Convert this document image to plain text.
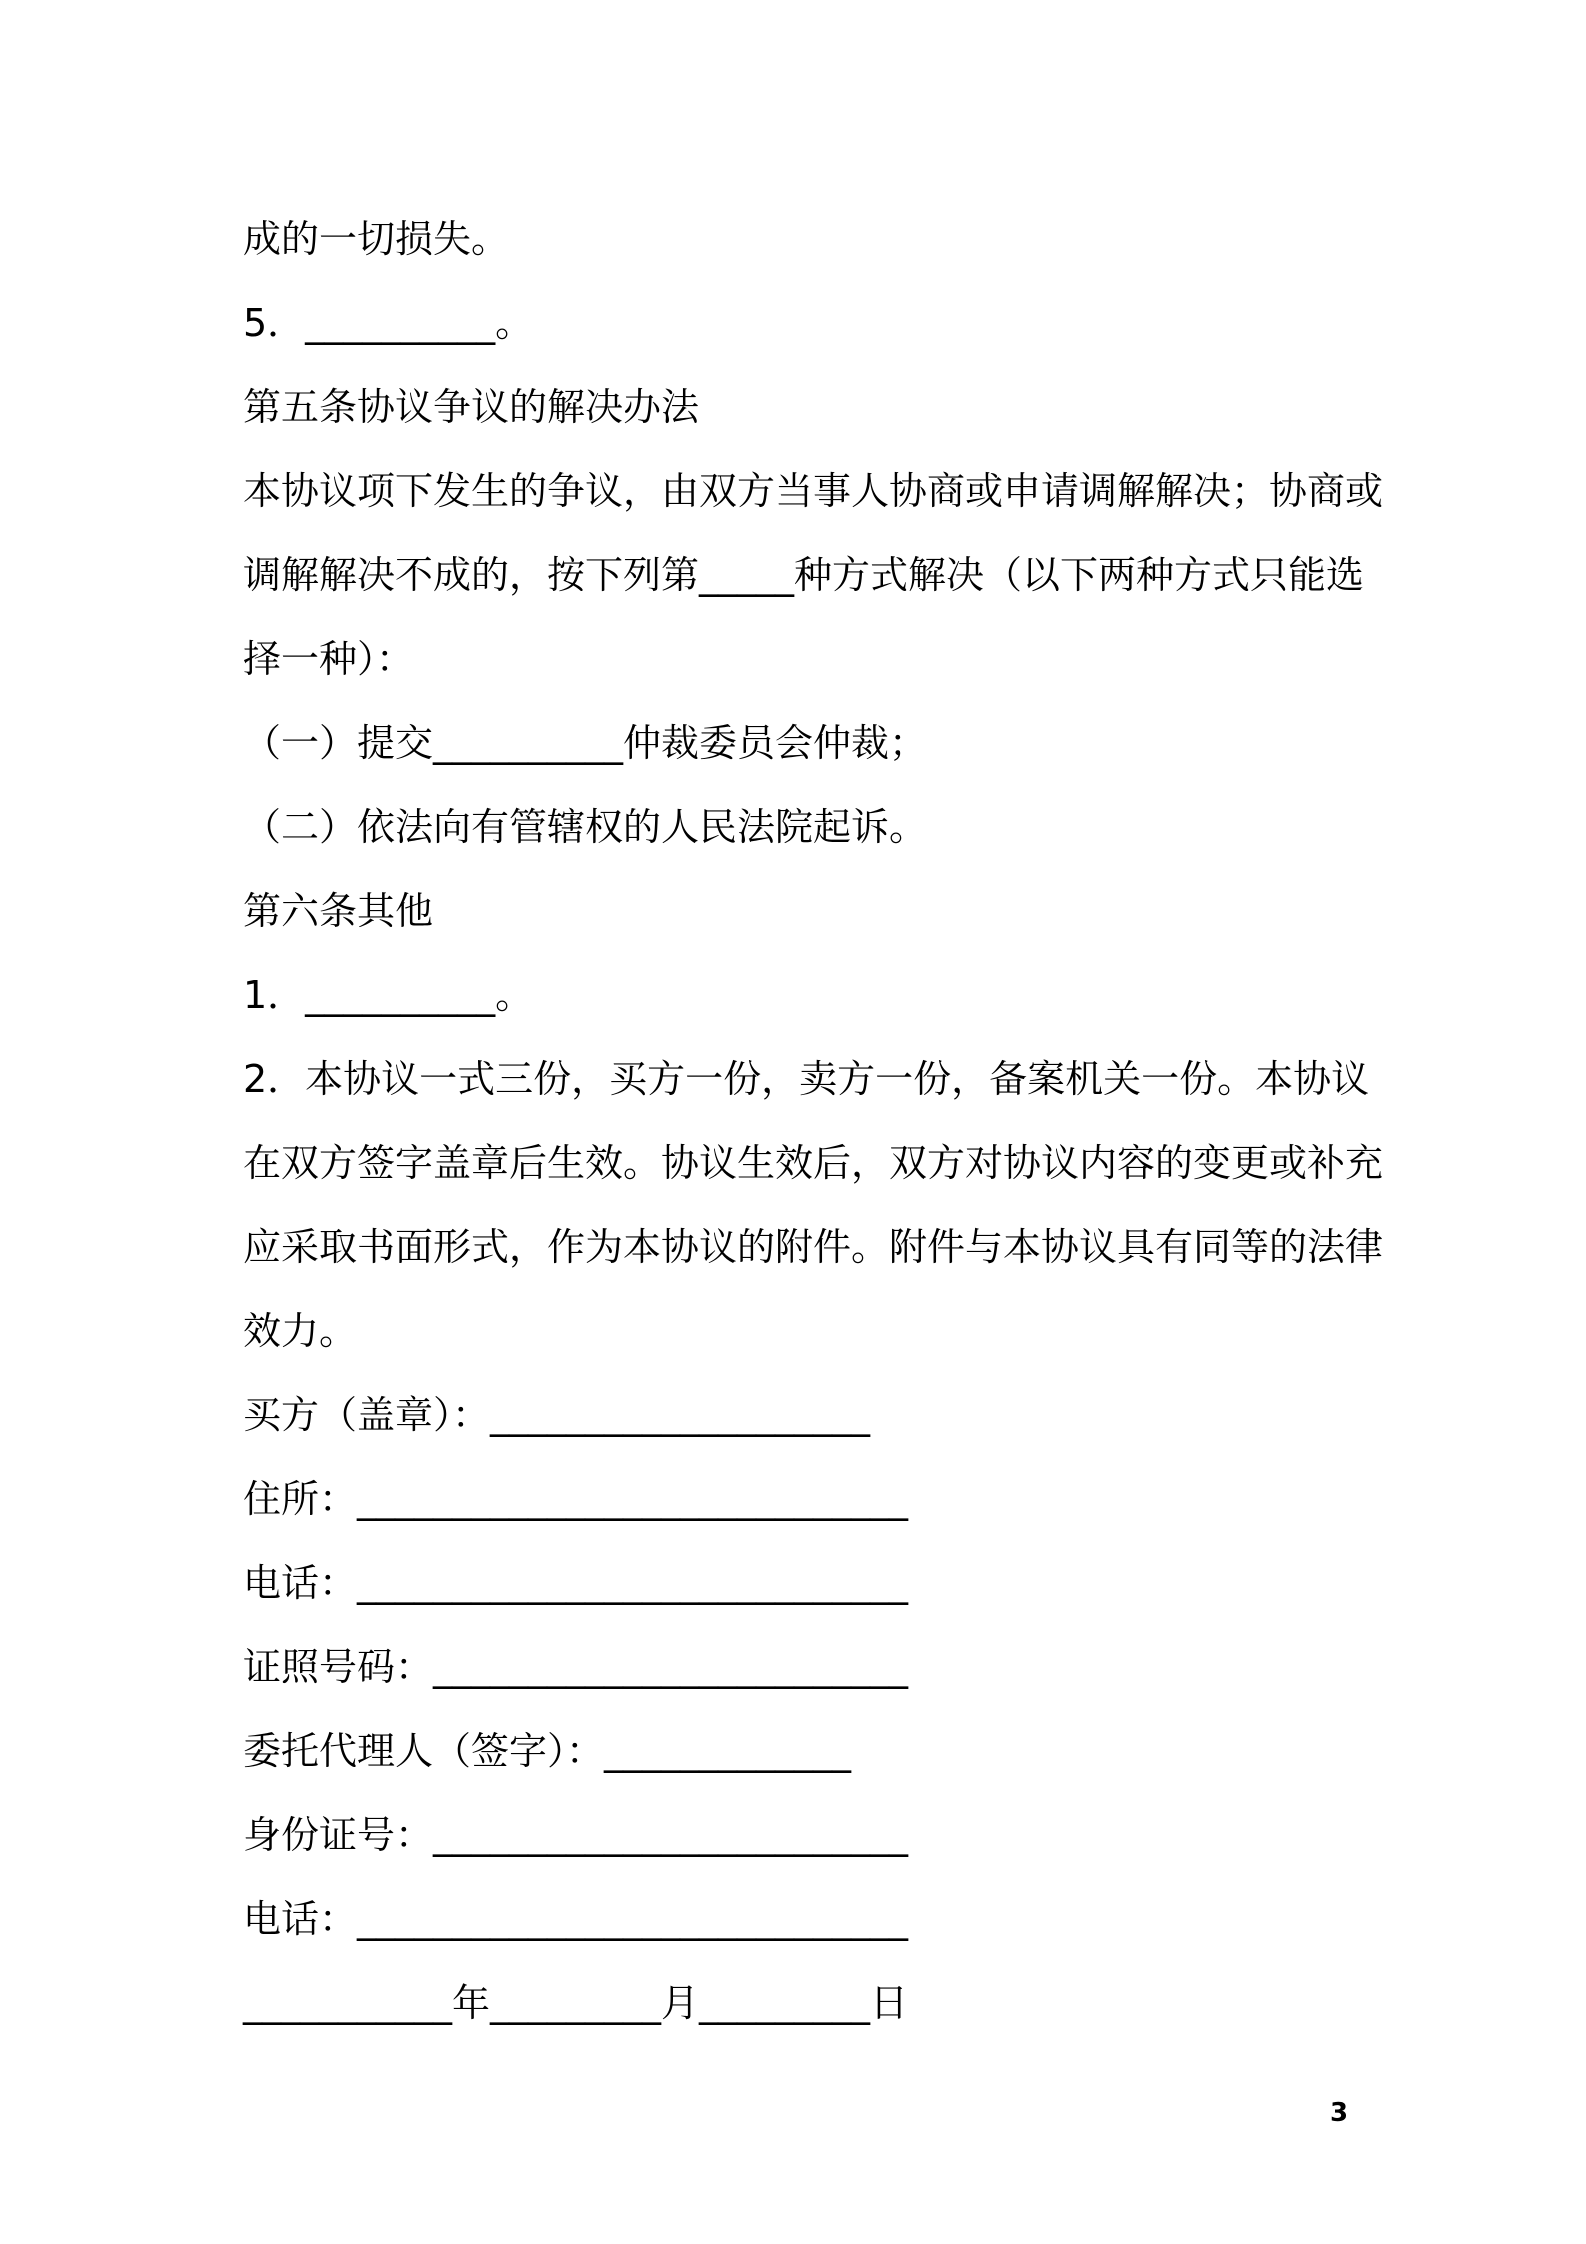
成的一切损失。
5．__________。
第五条协议争议的解决办法
本协议项下发生的争议，由双方当事人协商或申请调解解决；协商或
调解解决不成的，按下列第_____种方式解决（以下两种方式只能选
择一种）：
（一）提交__________仲裁委员会仲裁；
（二）依法向有管辖权的人民法院起诉。
第六条其他
1．__________。
2．本协议一式三份，买方一份，卖方一份，备案机关一份。本协议
在双方签字盖章后生效。协议生效后，双方对协议内容的变更或补充
应采取书面形式，作为本协议的附件。附件与本协议具有同等的法律
效力。
买方（盖章）：____________________
住所：_____________________________
电话：_____________________________
证照号码：_________________________
委托代理人（签字）：_____________
身份证号：_________________________
电话：_____________________________
___________年_________月_________日
3
